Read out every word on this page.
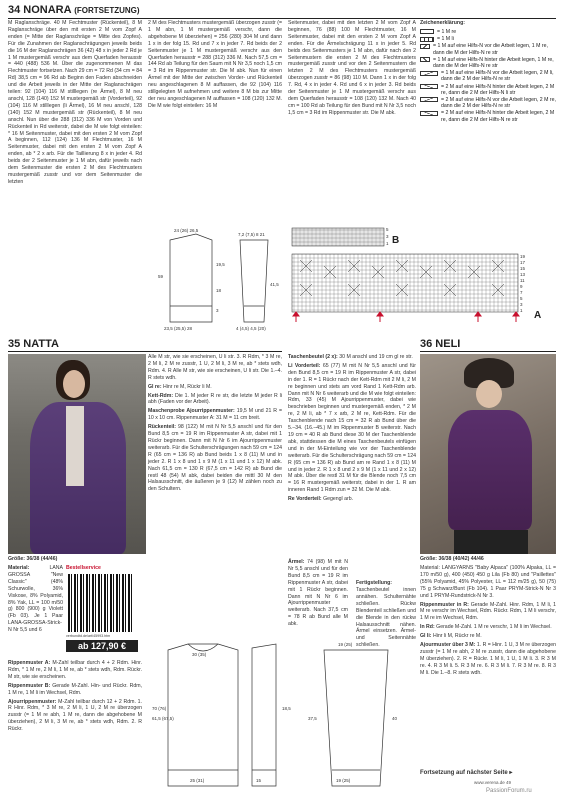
34 NONARA (FORTSETZUNG)

M Raglanschräge. 40 M Fechtmuster (Rückenteil), 8 M Raglanschräge über den mit ersten 2 M vom Zopf A enden (= Mitte der Raglanschräge = Mitte des Zopfes). Für die Zunahmen der Raglanschrägungen jeweils beids die 16 M der Raglanschrägen 36 (42) 48 x in jeder 2 Rd je 1 M mustergemäß verschr aus dem Querfaden herausstr = 440 (488) 536 M. Über die zugenommenen M das Flechtmuster fortsetzen. Nach 29 cm = 72 Rd (34 cm = 84 Rd) 38,5 cm = 96 Rd ab Beginn den Faden abschneiden und die Arbeit jeweils in der Mitte der Raglanschrägen teilen: 92 (104) 116 M stilllegen (re Ärmel), 8 M neu anschl, 128 (140) 152 M mustergemäß str (Vorderteil), 92 (104) 116 M stilllegen (li Ärmel), 16 M neu anschl, 128 (140) 152 M mustergemäß str (Rückenteil), 8 M neu anschl. Nun über die 288 (312) 336 M von Vorden und Rückenteil in Rd weiterstr, dabei die M wie folgt einteilen: * 16 M Seitenmuster, dabei mit den ersten 2 M vom Zopf A beginnen, 112 (124) 136 M Flechtmuster, 16 M Seitenmuster, dabei mit den ersten 2 M vom Zopf A enden, ab * 2 x arb. Für die Taillierung 8 x in jeder 4. Rd beids der 2 Seitenmuster je 1 M abn, dafür jeweils nach dem Seitenmuster die ersten 2 M des Flechtmusters mustergemäß zusstr und vor dem Seitenmuster die letzten

2 M des Flechtmusters mustergemäß überzogen zusstr (= 1 M abn, 1 M mustergemäß verschr, dann die abgehobene M überziehen) = 256 (280) 304 M und dann 1 x in der folg 15. Rd und 7 x in jeder 7. Rd beids der 2 Seitenmuster je 1 M mustergemäß verschr aus den Querfaden herausstr = 288 (312) 336 M. Nach 57,5 cm = 144 Rd ab Teilung für den Saum mit N Nr 3,5 noch 1,5 cm = 3 Rd im Rippenmuster str. Die M abk. Nun für einen Ärmel mit der Mitte der zwischen Vorder- und Rückenteil neu angeschlagenen 8 M auffassen, die 92 (104) 116 stillgelegten M aufnehmen und weitere 8 M bis zur Mitte der neu angeschlagenen M auffassen = 108 (120) 132 M. Die M wie folgt einteilen: 16 M

Seitenmuster, dabei mit den letzten 2 M vom Zopf A beginnen, 76 (88) 100 M Flechtmuster, 16 M Seitenmuster, dabei mit den ersten 2 M vom Zopf A enden. Für die Ärmelschrägung 11 x in jeder 5. Rd beids des Seitenmusters je 1 M abn, dafür nach den 2 Seitenmustern die ersten 2 M des Flechtmusters mustergemäß zusstr und vor den 2 Seitenmustern die letzten 2 M des Flechtmusters mustergemäß überzogen zusstr = 86 (98) 110 M. Dann 1 x in der folg 7. Rd, 4 x in jeder 4. Rd und 6 x in jeder 3. Rd beids der Seitenmuster je 1 M mustergemäß verschr aus dem Querfaden herausstr = 108 (120) 132 M. Nach 40 cm = 100 Rd ab Teilung für den Bund mit N Nr 3,5 noch 1,5 cm = 3 Rd im Rippenmuster str. Die M abk.

Zeichenerklärung:
= 1 M re
= 1 M li
= 1 M auf eine Hilfs-N vor die Arbeit legen, 1 M re, dann die M der Hilfs-N re str
= 1 M auf eine Hilfs-N hinter die Arbeit legen, 1 M re, dann die M der Hilfs-N re str
= 1 M auf eine Hilfs-N vor die Arbeit legen, 2 M li, dann die 2 M der Hilfs-N re str
= 2 M auf eine Hilfs-N hinter die Arbeit legen, 2 M re, dann die 2 M der Hilfs-N li str
= 2 M auf eine Hilfs-N vor die Arbeit legen, 2 M re, dann die 2 M der Hilfs-N re str
= 2 M auf eine Hilfs-N hinter die Arbeit legen, 2 M re, dann die 2 M der Hilfs-N re str
24 (26) 26,5
59
19,5
3
18
23,5 (25,5) 28
7,2 (7,5) 8 21
41,5
4 (4,5) 4,5 (20)
5
3
1 B
19
17
15
13
11
9
7
5
3
1 A
35 NATTA
Größe: 36/38 (44/46)
Material:	LANA GROSSA "New Classic" (48% Schurwolle, 36% Viskose, 8% Polyamid, 8% Yak, LL = 100 m/50 g) 800 (900) g Violett (Fb 03). Je 1 Paar LANA-GROSSA-Strick-N Nr 5,5 und 6
Bestellservice
verbundtd.de/art/45993.htm
ab 127,90 €

Rippenmuster A: M-Zahl teilbar durch 4 + 2 Rdm. Hinr. Rdm, * 1 M re, 2 M li, 1 M re, ab * stets wdh, Rdm. Rückr. M str, wie sie erscheinen.

Rippenmuster B: Gerade M-Zahl. Hin- und Rückr. Rdm, 1 M re, 1 M li im Wechsel, Rdm.

Ajourrippenmuster: M-Zahl teilbar durch 12 + 2 Rdm. 1. R Hinr. Rdm, * 3 M re, 2 M li, 1 U, 2 M re überzogen zusstr (= 1 M re abh, 1 M re, dann die abgehobene M überziehen), 2 M li, 3 M re, ab * stets wdh, Rdm. 2. R Rückr.

Alle M str, wie sie erscheinen, U li str. 3. R Rdm, * 3 M re, 2 M li, 2 M re zusstr, 1 U, 2 M li, 3 M re, ab * stets wdh, Rdm. 4. R Alle M str, wie sie erscheinen, U li str. Die 1.–4. R stets wdh.

Gl re: Hinr re M, Rückr li M.

Kett-Rdm: Die 1. M jeder R re str, die letzte M jeder R li abh (Faden vor der Arbeit).

Maschenprobe Ajourrippenmuster: 19,5 M und 21 R = 10 x 10 cm. Rippenmuster A: 31 M = 11 cm breit.

Rückenteil: 98 (122) M mit N Nr 5,5 anschl und für den Bund 8,5 cm = 19 R im Rippenmuster A str, dabei mit 1 Rückr beginnen. Dann mit N Nr 6 im Ajourrippenmuster weiterarb. Für die Schulterschrägungen nach 59 cm = 124 R (65 cm = 136 R) ab Bund beids 1 x 8 (11) M und in jeder 2. R 1 x 8 und 1 x 9 M (1 x 11 und 1 x 12) M abk. Nach 61,5 cm = 130 R (67,5 cm = 142 R) ab Bund die restl 48 (54) M abk, dabei beiden die mittl 30 M den Halsausschnitt, die äußeren je 9 (12) M zählen noch zu den Schultern.

70 (76)
61,5 (67,5)
30 (35)
25 (31)
19 (25)
19 (25)
37,5	40
15
18,5

Taschenbeutel (2 x): 30 M anschl und 19 cm gl re str.

Li Vorderteil: 65 (77) M mit N Nr 5,5 anschl und für den Bund 8,5 cm = 19 R im Rippenmuster A str, dabei in der 1. R = 1 Rückr nach der Kett-Rdm mit 2 M li, 2 M re beginnen und stets am vord Rand 1 Kett-Rdm arb. Dann mit N Nr 6 weiterarb und die M wie folgt einteilen: Rdm, 33 (45) M Ajourrippenmuster, dabei wie beschrieben beginnen und mustergemäß enden, * 2 M re, 2 M li, ab * 7 x arb, 2 M re, Kett-Rdm. Für die Taschenblende nach 15 cm = 32 R ab Bund über die 5.–34. (16.–45.) M im Rippenmuster B weiterstr. Nach 19 cm = 40 R ab Bund diese 30 M der Taschenblende abk, stattdessen die M eines Taschenbeutels einfügen und in der M-Einteilung wie vor der Taschenblende weiterarb. Für die Schulterschrägung nach 59 cm = 124 R (65 cm = 136 R) ab Bund am re Rand 1 x 8 (11) M und in jeder 2. R 1 x 8 und 2 x 9 M (1 x 11 und 2 x 12) M abk. Über die restl 31 M für die Blende noch 7,5 cm = 16 R mustergemäß weiterstr, dabei in der 1. R am inneren Rand 1 Rdm zun = 32 M. Die M abk.

Re Vorderteil: Gegengl arb.

Ärmel: 74 (98) M mit N Nr 5,5 anschl und für den Bund 8,5 cm = 19 R im Rippenmuster A str, dabei mit 1 Rückr beginnen. Dann mit N Nr 6 im Ajourrippenmuster weiterarb. Nach 37,5 cm = 78 R ab Bund alle M abk.

Fertigstellung: Taschenbeutel innen annähen. Schulternähte schließen. Rückw Blendenteil schließen und die Blende in den rückw Halsausschnitt nähen. Ärmel einsetzen. Ärmel- und Seitennähte schließen.

36 NELI
Größe: 36/38 (40/42) 44/46

Material: LANGYARNS "Baby Alpaca" (100% Alpaka, LL = 170 m/50 g), 400 (450) 450 g Lila (Fb 80) und "Paillettes" (55% Polyamid, 45% Polyester, LL = 112 m/25 g), 50 (75) 75 g Schwarz/Bunt (Fb 104). 1 Paar PRYM-Strick-N Nr 3 und 1 PRYM-Rundstrick-N Nr 3.

Rippenmuster in R: Gerade M-Zahl. Hinr. Rdm, 1 M li, 1 M re verschr im Wechsel, Rdm. Rückr. Rdm, 1 M li verschr, 1 M re im Wechsel, Rdm.

In Rd: Gerade M-Zahl. 1 M re verschr, 1 M li im Wechsel.

Gl li: Hinr li M, Rückr re M.

Ajourmuster über 3 M: 1. R = Hinr. 1 U, 3 M re überzogen zusstr (= 1 M re abh, 2 M re zusstr, dann die abgehobene M überziehen). 2. R = Rückr. 1 M li, 1 U, 1 M li. 3. R 3 M re. 4. R 3 M li. 5. R 3 M re. 6. R 3 M li. 7. R 3 M re. 8. R 3 M li. Die 1.–8. R stets wdh.

Fortsetzung auf nächster Seite ▸
www.verena.de 49
PassionForum.ru
